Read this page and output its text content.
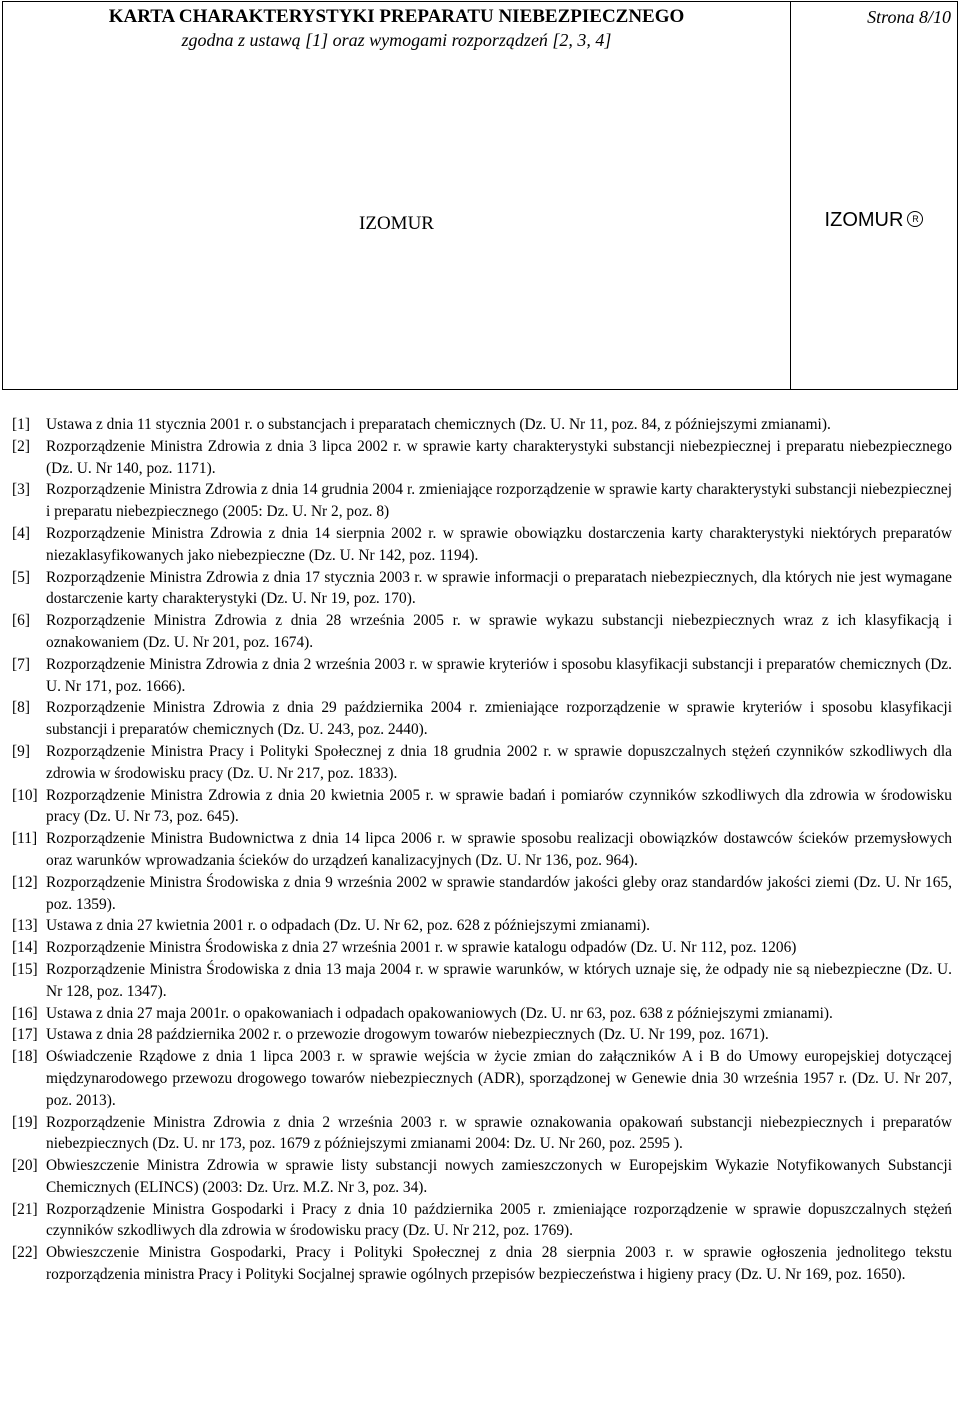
KARTA CHARAKTERYSTYKI PREPARATU NIEBEZPIECZNEGO
zgodna z ustawą [1] oraz wymogami rozporządzeń [2, 3, 4]
IZOMUR

Strona 8/10
IZOMUR R
[1]	Ustawa z dnia 11 stycznia 2001 r. o substancjach i preparatach chemicznych (Dz. U. Nr 11, poz. 84, z późniejszymi zmianami).
[2]	Rozporządzenie Ministra Zdrowia z dnia 3 lipca 2002 r. w sprawie karty charakterystyki substancji niebezpiecznej i preparatu niebezpiecznego (Dz. U. Nr 140, poz. 1171).
[3]	Rozporządzenie Ministra Zdrowia z dnia 14 grudnia 2004 r. zmieniające rozporządzenie w sprawie karty charakterystyki substancji niebezpiecznej i preparatu niebezpiecznego (2005: Dz. U. Nr 2, poz. 8)
[4]	Rozporządzenie Ministra Zdrowia z dnia 14 sierpnia 2002 r. w sprawie obowiązku dostarczenia karty charakterystyki niektórych preparatów niezaklasyfikowanych jako niebezpieczne (Dz. U. Nr 142, poz. 1194).
[5]	Rozporządzenie Ministra Zdrowia z dnia 17 stycznia 2003 r. w sprawie informacji o preparatach niebezpiecznych, dla których nie jest wymagane dostarczenie karty charakterystyki (Dz. U. Nr 19, poz. 170).
[6]	Rozporządzenie Ministra Zdrowia z dnia 28 września 2005 r. w sprawie wykazu substancji niebezpiecznych wraz z ich klasyfikacją i oznakowaniem (Dz. U. Nr 201, poz. 1674).
[7]	Rozporządzenie Ministra Zdrowia z dnia 2 września 2003 r. w sprawie kryteriów i sposobu klasyfikacji substancji i preparatów chemicznych (Dz. U. Nr 171, poz. 1666).
[8]	Rozporządzenie Ministra Zdrowia z dnia 29 października 2004 r. zmieniające rozporządzenie w sprawie kryteriów i sposobu klasyfikacji substancji i preparatów chemicznych (Dz. U. 243, poz. 2440).
[9]	Rozporządzenie Ministra Pracy i Polityki Społecznej z dnia 18 grudnia 2002 r. w sprawie dopuszczalnych stężeń czynników szkodliwych dla zdrowia w środowisku pracy (Dz. U. Nr 217, poz. 1833).
[10] Rozporządzenie Ministra Zdrowia z dnia 20 kwietnia 2005 r. w sprawie badań i pomiarów czynników szkodliwych dla zdrowia w środowisku pracy (Dz. U. Nr 73, poz. 645).
[11] Rozporządzenie Ministra Budownictwa z dnia 14 lipca 2006 r. w sprawie sposobu realizacji obowiązków dostawców ścieków przemysłowych oraz warunków wprowadzania ścieków do urządzeń kanalizacyjnych (Dz. U. Nr 136, poz. 964).
[12] Rozporządzenie Ministra Środowiska z dnia 9 września 2002 w sprawie standardów jakości gleby oraz standardów jakości ziemi (Dz. U. Nr 165, poz. 1359).
[13] Ustawa z dnia 27 kwietnia 2001 r. o odpadach (Dz. U. Nr 62, poz. 628 z późniejszymi zmianami).
[14] Rozporządzenie Ministra Środowiska z dnia 27 września 2001 r. w sprawie katalogu odpadów (Dz. U. Nr 112, poz. 1206)
[15] Rozporządzenie Ministra Środowiska z dnia 13 maja 2004 r. w sprawie warunków, w których uznaje się, że odpady nie są niebezpieczne (Dz. U. Nr 128, poz. 1347).
[16] Ustawa z dnia 27 maja 2001r. o opakowaniach i odpadach opakowaniowych (Dz. U. nr 63, poz. 638 z późniejszymi zmianami).
[17] Ustawa z dnia 28 października 2002 r. o przewozie drogowym towarów niebezpiecznych (Dz. U. Nr 199, poz. 1671).
[18] Oświadczenie Rządowe z dnia 1 lipca 2003 r. w sprawie wejścia w życie zmian do załączników A i B do Umowy europejskiej dotyczącej międzynarodowego przewozu drogowego towarów niebezpiecznych (ADR), sporządzonej w Genewie dnia 30 września 1957 r. (Dz. U. Nr 207, poz. 2013).
[19] Rozporządzenie Ministra Zdrowia z dnia 2 września 2003 r. w sprawie oznakowania opakowań substancji niebezpiecznych i preparatów niebezpiecznych (Dz. U. nr 173, poz. 1679 z późniejszymi zmianami 2004: Dz. U. Nr 260, poz. 2595 ).
[20] Obwieszczenie Ministra Zdrowia w sprawie listy substancji nowych zamieszczonych w Europejskim Wykazie Notyfikowanych Substancji Chemicznych (ELINCS) (2003: Dz. Urz. M.Z. Nr 3, poz. 34).
[21] Rozporządzenie Ministra Gospodarki i Pracy z dnia 10 października 2005 r. zmieniające rozporządzenie w sprawie dopuszczalnych stężeń czynników szkodliwych dla zdrowia w środowisku pracy (Dz. U. Nr 212, poz. 1769).
[22] Obwieszczenie Ministra Gospodarki, Pracy i Polityki Społecznej z dnia 28 sierpnia 2003 r. w sprawie ogłoszenia jednolitego tekstu rozporządzenia ministra Pracy i Polityki Socjalnej sprawie ogólnych przepisów bezpieczeństwa i higieny pracy (Dz. U. Nr 169, poz. 1650).
